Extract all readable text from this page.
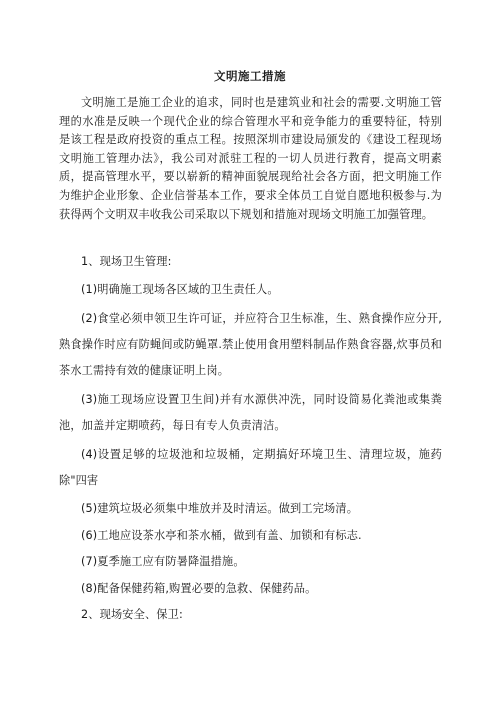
文明施工措施

文明施工是施工企业的追求，同时也是建筑业和社会的需要.文明施工管理的水准是反映一个现代企业的综合管理水平和竞争能力的重要特征，特别是该工程是政府投资的重点工程。按照深圳市建设局颁发的《建设工程现场文明施工管理办法》，我公司对派驻工程的一切人员进行教育，提高文明素质，提高管理水平，要以崭新的精神面貌展现给社会各方面，把文明施工作为维护企业形象、企业信誉基本工作，要求全体员工自觉自愿地积极参与.为获得两个文明双丰收我公司采取以下规划和措施对现场文明施工加强管理。

1、现场卫生管理:

(1)明确施工现场各区域的卫生责任人。

(2)食堂必须申领卫生许可证，并应符合卫生标准，生、熟食操作应分开,熟食操作时应有防蝇间或防蝇罩.禁止使用食用塑料制品作熟食容器,炊事员和茶水工需持有效的健康证明上岗。

(3)施工现场应设置卫生间)并有水源供冲洗，同时设简易化粪池或集粪池，加盖并定期喷药，每日有专人负责清洁。

(4)设置足够的垃圾池和垃圾桶，定期搞好环境卫生、清理垃圾，施药除"四害

(5)建筑垃圾必须集中堆放并及时清运。做到工完场清。

(6)工地应设茶水亭和茶水桶，做到有盖、加锁和有标志.

(7)夏季施工应有防暑降温措施。

(8)配备保健药箱,购置必要的急救、保健药品。

2、现场安全、保卫:
